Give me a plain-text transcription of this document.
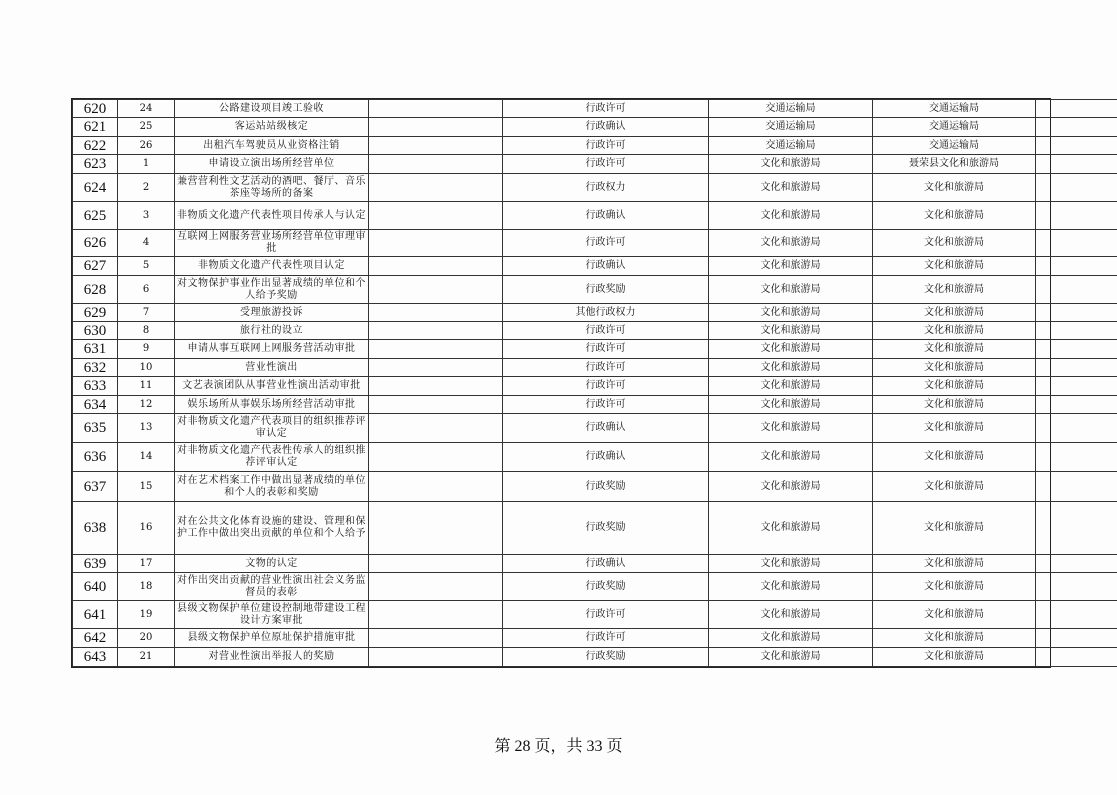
620	24	公路建设项目竣工验收		行政许可	交通运输局	交通运输局	
621	25	客运站站级核定		行政确认	交通运输局	交通运输局	
622	26	出租汽车驾驶员从业资格注销		行政许可	交通运输局	交通运输局	
623	1	申请设立演出场所经营单位		行政许可	文化和旅游局	聂荣县文化和旅游局	
624	2	兼营营利性文艺活动的酒吧、餐厅、音乐茶座等场所的备案		行政权力	文化和旅游局	文化和旅游局	
625	3	非物质文化遗产代表性项目传承人与认定		行政确认	文化和旅游局	文化和旅游局	
626	4	互联网上网服务营业场所经营单位审理审批		行政许可	文化和旅游局	文化和旅游局	
627	5	非物质文化遗产代表性项目认定		行政确认	文化和旅游局	文化和旅游局	
628	6	对文物保护事业作出显著成绩的单位和个人给予奖励		行政奖励	文化和旅游局	文化和旅游局	
629	7	受理旅游投诉		其他行政权力	文化和旅游局	文化和旅游局	
630	8	旅行社的设立		行政许可	文化和旅游局	文化和旅游局	
631	9	申请从事互联网上网服务营活动审批		行政许可	文化和旅游局	文化和旅游局	
632	10	营业性演出		行政许可	文化和旅游局	文化和旅游局	
633	11	文艺表演团队从事营业性演出活动审批		行政许可	文化和旅游局	文化和旅游局	
634	12	娱乐场所从事娱乐场所经营活动审批		行政许可	文化和旅游局	文化和旅游局	
635	13	对非物质文化遗产代表项目的组织推荐评审认定		行政确认	文化和旅游局	文化和旅游局	
636	14	对非物质文化遗产代表性传承人的组织推荐评审认定		行政确认	文化和旅游局	文化和旅游局	
637	15	对在艺术档案工作中做出显著成绩的单位和个人的表彰和奖励		行政奖励	文化和旅游局	文化和旅游局	
638	16	对在公共文化体育设施的建设、管理和保护工作中做出突出贡献的单位和个人给予		行政奖励	文化和旅游局	文化和旅游局	
639	17	文物的认定		行政确认	文化和旅游局	文化和旅游局	
640	18	对作出突出贡献的营业性演出社会义务监督员的表彰		行政奖励	文化和旅游局	文化和旅游局	
641	19	县级文物保护单位建设控制地带建设工程设计方案审批		行政许可	文化和旅游局	文化和旅游局	
642	20	县级文物保护单位原址保护措施审批		行政许可	文化和旅游局	文化和旅游局	
643	21	对营业性演出举报人的奖励		行政奖励	文化和旅游局	文化和旅游局	
第 28 页，共 33 页
